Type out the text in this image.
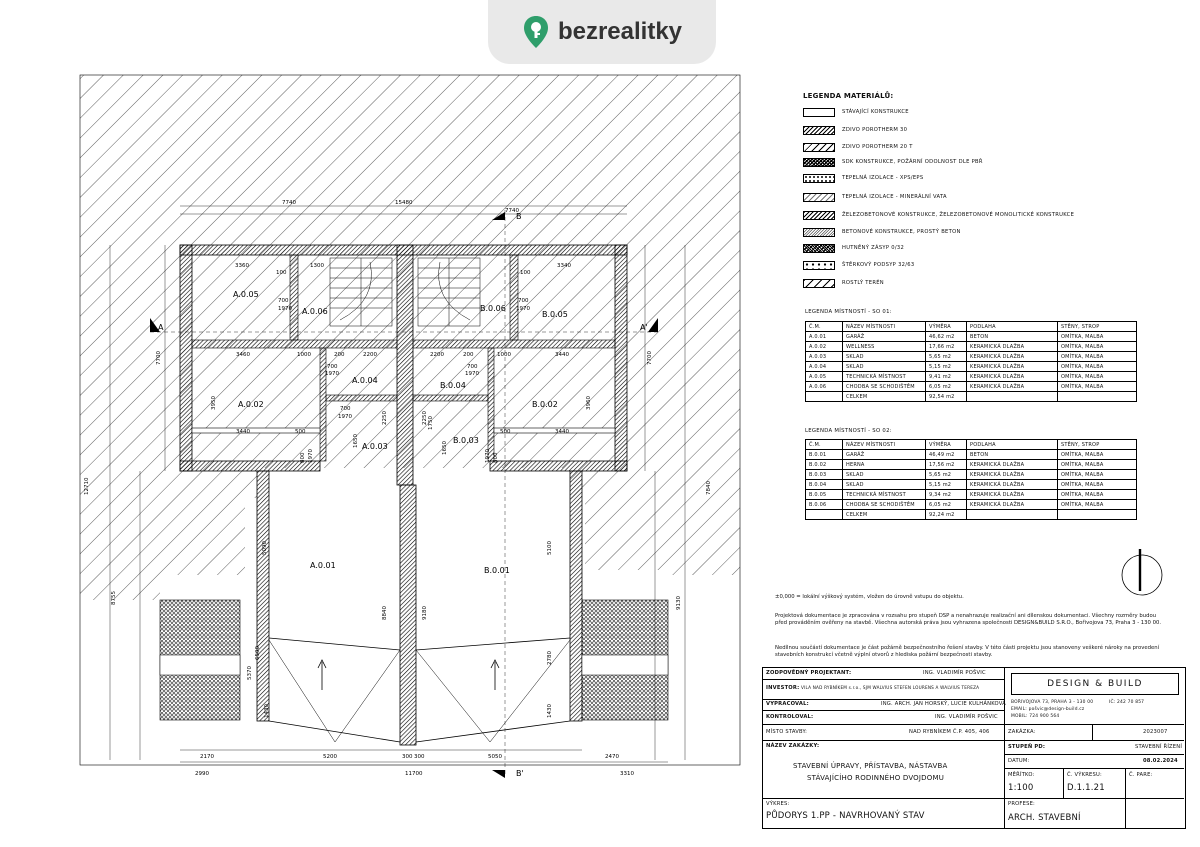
bezrealitky
A	A'
B
B'
A.0.05
A.0.06
A.0.04
A.0.02
A.0.03
A.0.01
B.0.06
B.0.05
B.0.04
B.0.02
B.0.03
B.0.01
7740	15480
7740
3360	1300
100
3340
100
700
1970
700
1970
3460	1000	200	2200	2200	200	1000	3440
700
1970
700
1970
700
1970
3950	3960
2250	2250
1650	1650
1750
3440	500	500	3440
800	800
1970	1970
5090	5100
8840	9180
5370
6500	2780
1430	1430
8755	9130
7700	7700
12710	7840
2170	5200	300 300	5050	2470
2990	11700	3310
LEGENDA MATERIÁLŮ:
STÁVAJÍCÍ KONSTRUKCE
ZDIVO POROTHERM 30
ZDIVO POROTHERM 20 T
SDK KONSTRUKCE, POŽÁRNÍ ODOLNOST DLE PBŘ
TEPELNÁ IZOLACE - XPS/EPS
TEPELNÁ IZOLACE - MINERÁLNÍ VATA
ŽELEZOBETONOVÉ KONSTRUKCE, ŽELEZOBETONOVÉ MONOLITICKÉ KONSTRUKCE
BETONOVÉ KONSTRUKCE, PROSTÝ BETON
HUTNĚNÝ ZÁSYP 0/32
ŠTĚRKOVÝ PODSYP 32/63
ROSTLÝ TERÉN
LEGENDA MÍSTNOSTÍ - SO 01:
Č.M.	NÁZEV MÍSTNOSTI	VÝMĚRA	PODLAHA	STĚNY, STROP
A.0.01	GARÁŽ	46,62 m2	BETON	OMÍTKA, MALBA
A.0.02	WELLNESS	17,66 m2	KERAMICKÁ DLAŽBA	OMÍTKA, MALBA
A.0.03	SKLAD	5,65 m2	KERAMICKÁ DLAŽBA	OMÍTKA, MALBA
A.0.04	SKLAD	5,15 m2	KERAMICKÁ DLAŽBA	OMÍTKA, MALBA
A.0.05	TECHNICKÁ MÍSTNOST	9,41 m2	KERAMICKÁ DLAŽBA	OMÍTKA, MALBA
A.0.06	CHODBA SE SCHODIŠTĚM	6,05 m2	KERAMICKÁ DLAŽBA	OMÍTKA, MALBA
	CELKEM	92,54 m2		
LEGENDA MÍSTNOSTÍ - SO 02:
Č.M.	NÁZEV MÍSTNOSTI	VÝMĚRA	PODLAHA	STĚNY, STROP
B.0.01	GARÁŽ	46,49 m2	BETON	OMÍTKA, MALBA
B.0.02	HERNA	17,56 m2	KERAMICKÁ DLAŽBA	OMÍTKA, MALBA
B.0.03	SKLAD	5,65 m2	KERAMICKÁ DLAŽBA	OMÍTKA, MALBA
B.0.04	SKLAD	5,15 m2	KERAMICKÁ DLAŽBA	OMÍTKA, MALBA
B.0.05	TECHNICKÁ MÍSTNOST	9,34 m2	KERAMICKÁ DLAŽBA	OMÍTKA, MALBA
B.0.06	CHODBA SE SCHODIŠTĚM	6,05 m2	KERAMICKÁ DLAŽBA	OMÍTKA, MALBA
	CELKEM	92,24 m2		
±0,000 = lokální výškový systém, vložen do úrovně vstupu do objektu.
Projektová dokumentace je zpracována v rozsahu pro stupeň DSP a nenahrazuje realizační ani dílenskou dokumentaci. Všechny rozměry budou před prováděním ověřeny na stavbě. Všechna autorská práva jsou vyhrazena společnosti DESIGN&BUILD S.R.O., Bořivojova 73, Praha 3 - 130 00.
Nedílnou součástí dokumentace je část požárně bezpečnostního řešení stavby. V této části projektu jsou stanoveny veškeré nároky na provedení stavebních konstrukcí včetně výplní otvorů z hlediska požární bezpečnosti stavby.
ZODPOVĚDNÝ PROJEKTANT:	ING. VLADIMÍR POŠVIC
INVESTOR: VILA NAD RYBNÍKEM s.r.o., SJM WALVIUS STEFEN LOURENS A WALVIUS TEREZA
VYPRACOVAL:	ING. ARCH. JAN HORSKÝ, LUCIE KULHÁNKOVÁ
KONTROLOVAL:	ING. VLADIMÍR POŠVIC
MÍSTO STAVBY:	NAD RYBNÍKEM Č.P. 405, 406	ZAKÁZKA:	2023007
NÁZEV ZAKÁZKY:
STAVEBNÍ ÚPRAVY, PŘÍSTAVBA, NÁSTAVBA
STÁVAJÍCÍHO RODINNÉHO DVOJDOMU
STUPEŇ PD:	STAVEBNÍ ŘÍZENÍ
DATUM:	08.02.2024
MĚŘÍTKO:
1:100
Č. VÝKRESU:
D.1.1.21
Č. PARE:
VÝKRES:
PŮDORYS 1.PP - NAVRHOVANÝ STAV
PROFESE:
ARCH. STAVEBNÍ
DESIGN & BUILD
BOŘIVOJOVA 73, PRAHA 3 - 130 00	IČ: 242 70 857
EMAIL: pošvic@design-build.cz
MOBIL: 724 900 564
